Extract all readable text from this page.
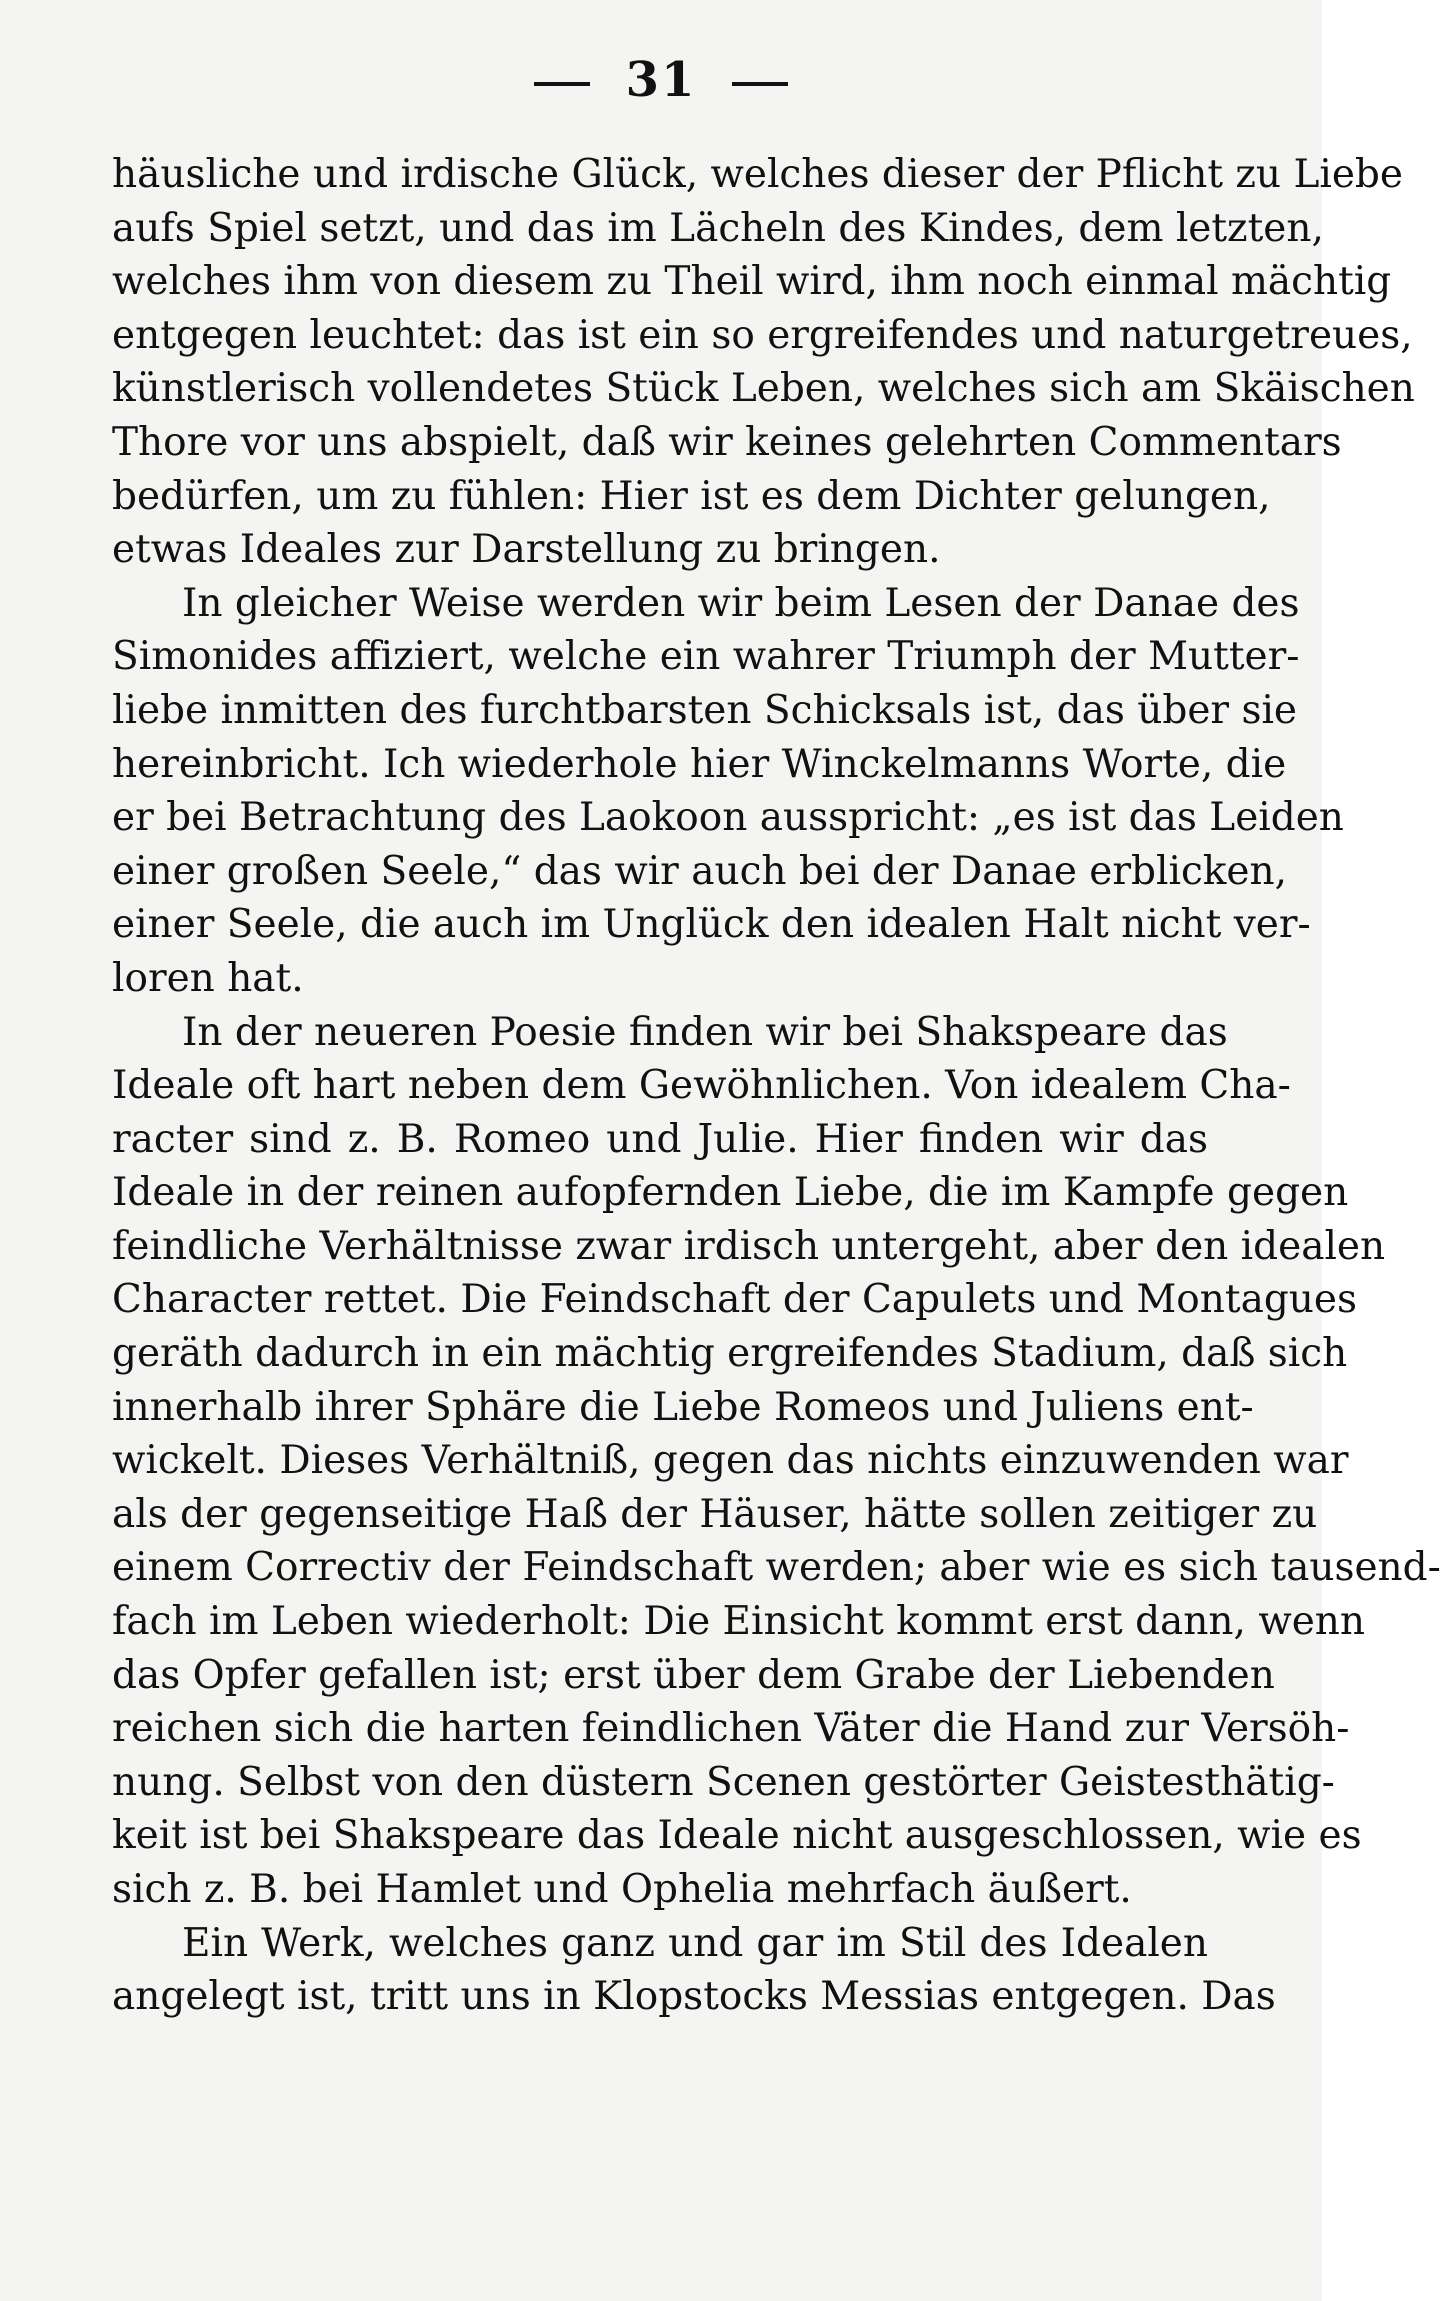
31
häusliche und irdische Glück, welches dieser der Pflicht zu Liebe
aufs Spiel setzt, und das im Lächeln des Kindes, dem letzten,
welches ihm von diesem zu Theil wird, ihm noch einmal mächtig
entgegen leuchtet: das ist ein so ergreifendes und naturgetreues,
künstlerisch vollendetes Stück Leben, welches sich am Skäischen
Thore vor uns abspielt, daß wir keines gelehrten Commentars
bedürfen, um zu fühlen: Hier ist es dem Dichter gelungen,
etwas Ideales zur Darstellung zu bringen.
In gleicher Weise werden wir beim Lesen der Danae des
Simonides affiziert, welche ein wahrer Triumph der Mutter-
liebe inmitten des furchtbarsten Schicksals ist, das über sie
hereinbricht. Ich wiederhole hier Winckelmanns Worte, die
er bei Betrachtung des Laokoon ausspricht: „es ist das Leiden
einer großen Seele,“ das wir auch bei der Danae erblicken,
einer Seele, die auch im Unglück den idealen Halt nicht ver-
loren hat.
In der neueren Poesie finden wir bei Shakspeare das
Ideale oft hart neben dem Gewöhnlichen. Von idealem Cha-
racter sind z. B. Romeo und Julie. Hier finden wir das
Ideale in der reinen aufopfernden Liebe, die im Kampfe gegen
feindliche Verhältnisse zwar irdisch untergeht, aber den idealen
Character rettet. Die Feindschaft der Capulets und Montagues
geräth dadurch in ein mächtig ergreifendes Stadium, daß sich
innerhalb ihrer Sphäre die Liebe Romeos und Juliens ent-
wickelt. Dieses Verhältniß, gegen das nichts einzuwenden war
als der gegenseitige Haß der Häuser, hätte sollen zeitiger zu
einem Correctiv der Feindschaft werden; aber wie es sich tausend-
fach im Leben wiederholt: Die Einsicht kommt erst dann, wenn
das Opfer gefallen ist; erst über dem Grabe der Liebenden
reichen sich die harten feindlichen Väter die Hand zur Versöh-
nung. Selbst von den düstern Scenen gestörter Geistesthätig-
keit ist bei Shakspeare das Ideale nicht ausgeschlossen, wie es
sich z. B. bei Hamlet und Ophelia mehrfach äußert.
Ein Werk, welches ganz und gar im Stil des Idealen
angelegt ist, tritt uns in Klopstocks Messias entgegen. Das
